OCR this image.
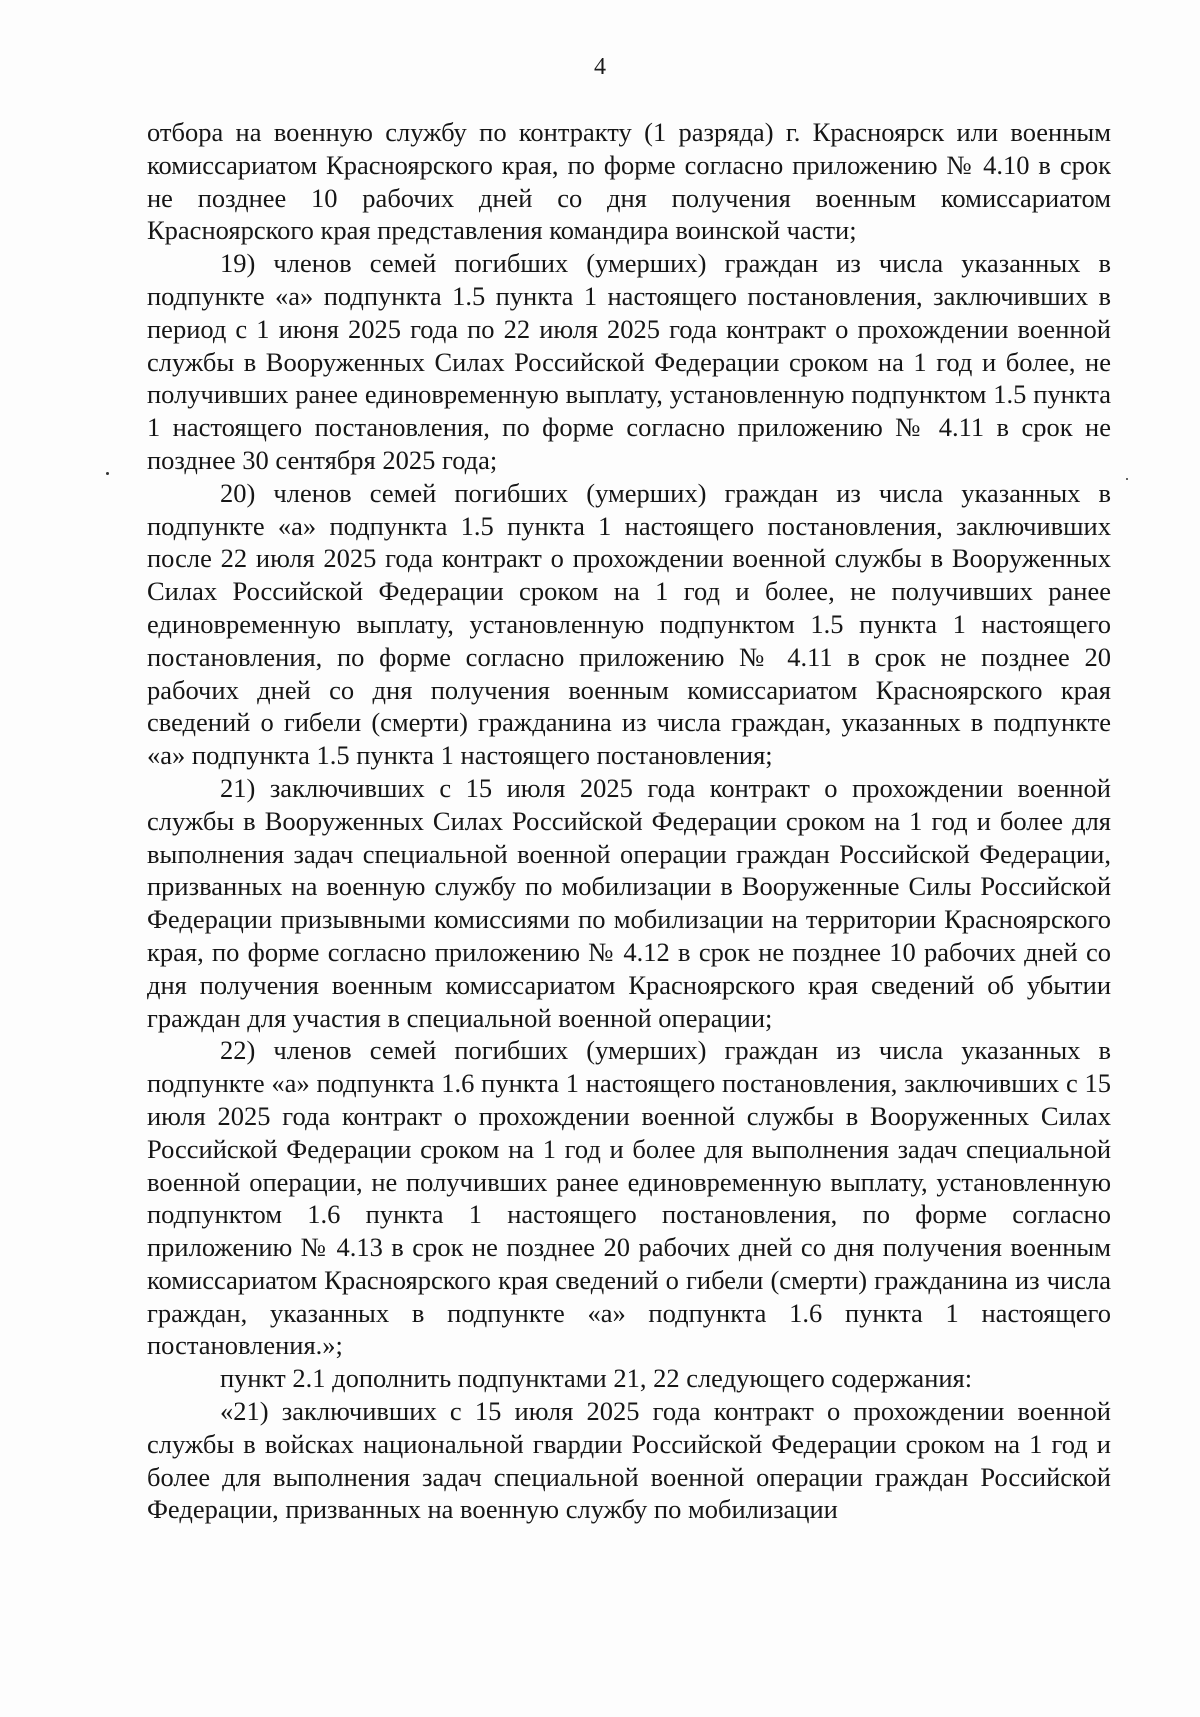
4

отбора на военную службу по контракту (1 разряда) г. Красноярск или военным комиссариатом Красноярского края, по форме согласно приложению № 4.10 в срок не позднее 10 рабочих дней со дня получения военным комиссариатом Красноярского края представления командира воинской части;

19) членов семей погибших (умерших) граждан из числа указанных в подпункте «а» подпункта 1.5 пункта 1 настоящего постановления, заключивших в период с 1 июня 2025 года по 22 июля 2025 года контракт о прохождении военной службы в Вооруженных Силах Российской Федерации сроком на 1 год и более, не получивших ранее единовременную выплату, установленную подпунктом 1.5 пункта 1 настоящего постановления, по форме согласно приложению № 4.11 в срок не позднее 30 сентября 2025 года;

20) членов семей погибших (умерших) граждан из числа указанных в подпункте «а» подпункта 1.5 пункта 1 настоящего постановления, заключивших после 22 июля 2025 года контракт о прохождении военной службы в Вооруженных Силах Российской Федерации сроком на 1 год и более, не получивших ранее единовременную выплату, установленную подпунктом 1.5 пункта 1 настоящего постановления, по форме согласно приложению № 4.11 в срок не позднее 20 рабочих дней со дня получения военным комиссариатом Красноярского края сведений о гибели (смерти) гражданина из числа граждан, указанных в подпункте «а» подпункта 1.5 пункта 1 настоящего постановления;

21) заключивших с 15 июля 2025 года контракт о прохождении военной службы в Вооруженных Силах Российской Федерации сроком на 1 год и более для выполнения задач специальной военной операции граждан Российской Федерации, призванных на военную службу по мобилизации в Вооруженные Силы Российской Федерации призывными комиссиями по мобилизации на территории Красноярского края, по форме согласно приложению № 4.12 в срок не позднее 10 рабочих дней со дня получения военным комиссариатом Красноярского края сведений об убытии граждан для участия в специальной военной операции;

22) членов семей погибших (умерших) граждан из числа указанных в подпункте «а» подпункта 1.6 пункта 1 настоящего постановления, заключивших с 15 июля 2025 года контракт о прохождении военной службы в Вооруженных Силах Российской Федерации сроком на 1 год и более для выполнения задач специальной военной операции, не получивших ранее единовременную выплату, установленную подпунктом 1.6 пункта 1 настоящего постановления, по форме согласно приложению № 4.13 в срок не позднее 20 рабочих дней со дня получения военным комиссариатом Красноярского края сведений о гибели (смерти) гражданина из числа граждан, указанных в подпункте «а» подпункта 1.6 пункта 1 настоящего постановления.»;

пункт 2.1 дополнить подпунктами 21, 22 следующего содержания:

«21) заключивших с 15 июля 2025 года контракт о прохождении военной службы в войсках национальной гвардии Российской Федерации сроком на 1 год и более для выполнения задач специальной военной операции граждан Российской Федерации, призванных на военную службу по мобилизации
